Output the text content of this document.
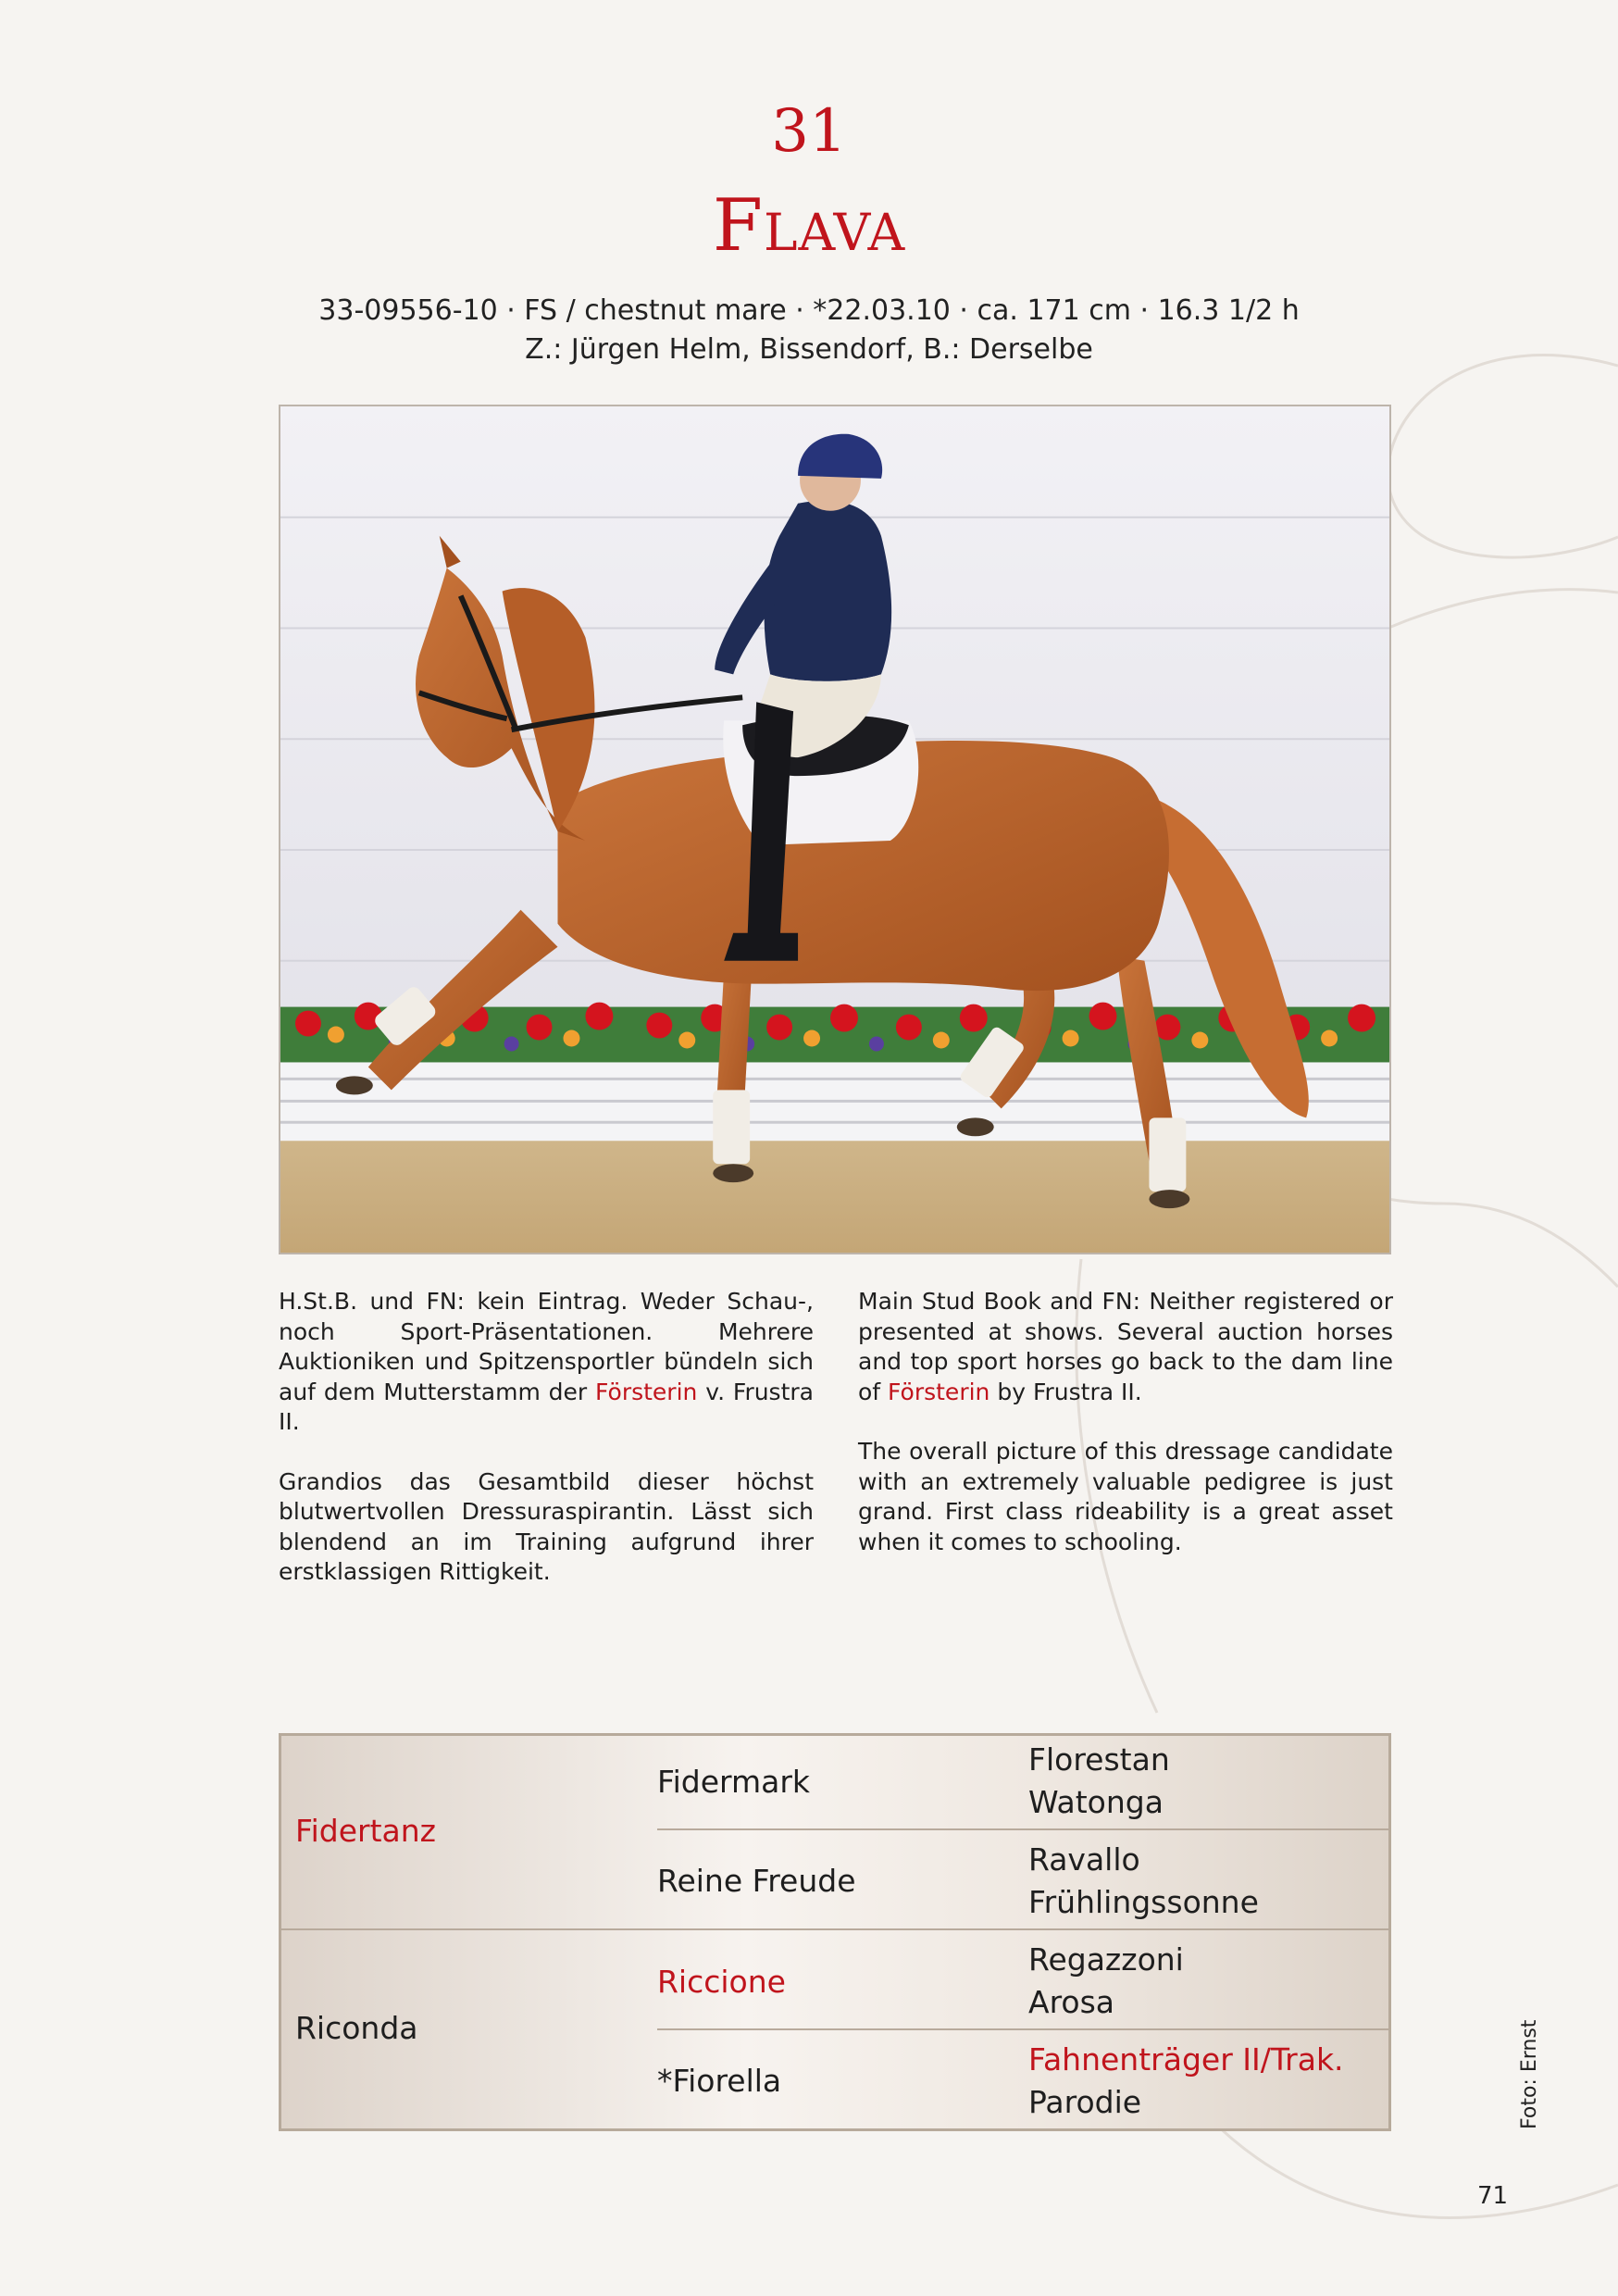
31
Flava
33-09556-10 · FS / chestnut mare · *22.03.10 · ca. 171 cm · 16.3 1/2 h
Z.: Jürgen Helm, Bissendorf, B.: Derselbe

H.St.B. und FN: kein Eintrag. Weder Schau-, noch Sport-Präsentationen. Mehrere Auktioniken und Spitzensportler bündeln sich auf dem Mutterstamm der Försterin v. Frustra II.

Grandios das Gesamtbild dieser höchst blutwertvollen Dressuraspirantin. Lässt sich blendend an im Training aufgrund ihrer erstklassigen Rittigkeit.

Main Stud Book and FN: Neither registered or presented at shows. Several auction horses and top sport horses go back to the dam line of Försterin by Frustra II.

The overall picture of this dressage candidate with an extremely valuable pedigree is just grand. First class rideability is a great asset when it comes to schooling.

Fidertanz
Riconda
Fidermark
Reine Freude
Riccione
*Fiorella
Florestan
Watonga
Ravallo
Frühlingssonne
Regazzoni
Arosa
Fahnenträger II/Trak.
Parodie	Foto: Ernst
71
